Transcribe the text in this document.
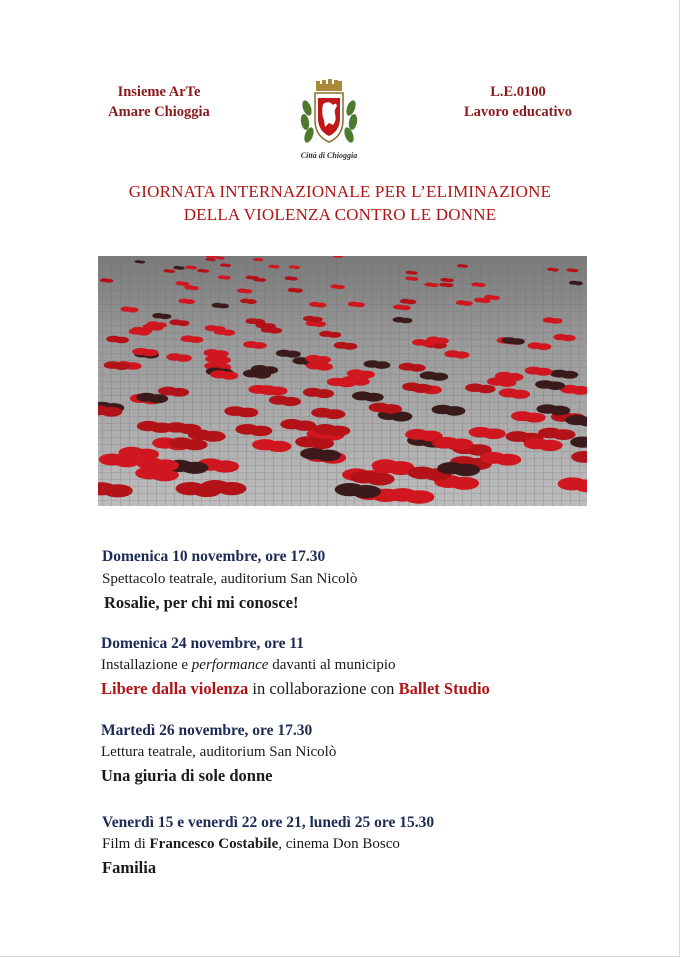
Insieme ArTe
Amare Chioggia
Città di Chioggia
L.E.0100
Lavoro educativo
GIORNATA INTERNAZIONALE PER L’ELIMINAZIONE
DELLA VIOLENZA CONTRO LE DONNE
Domenica 10 novembre, ore 17.30
Spettacolo teatrale, auditorium San Nicolò
Rosalie, per chi mi conosce!
Domenica 24 novembre, ore 11
Installazione e performance davanti al municipio
Libere dalla violenza in collaborazione con Ballet Studio
Martedì 26 novembre, ore 17.30
Lettura teatrale, auditorium San Nicolò
Una giuria di sole donne
Venerdì 15 e venerdì 22 ore 21, lunedì 25 ore 15.30
Film di Francesco Costabile, cinema Don Bosco
Familia
